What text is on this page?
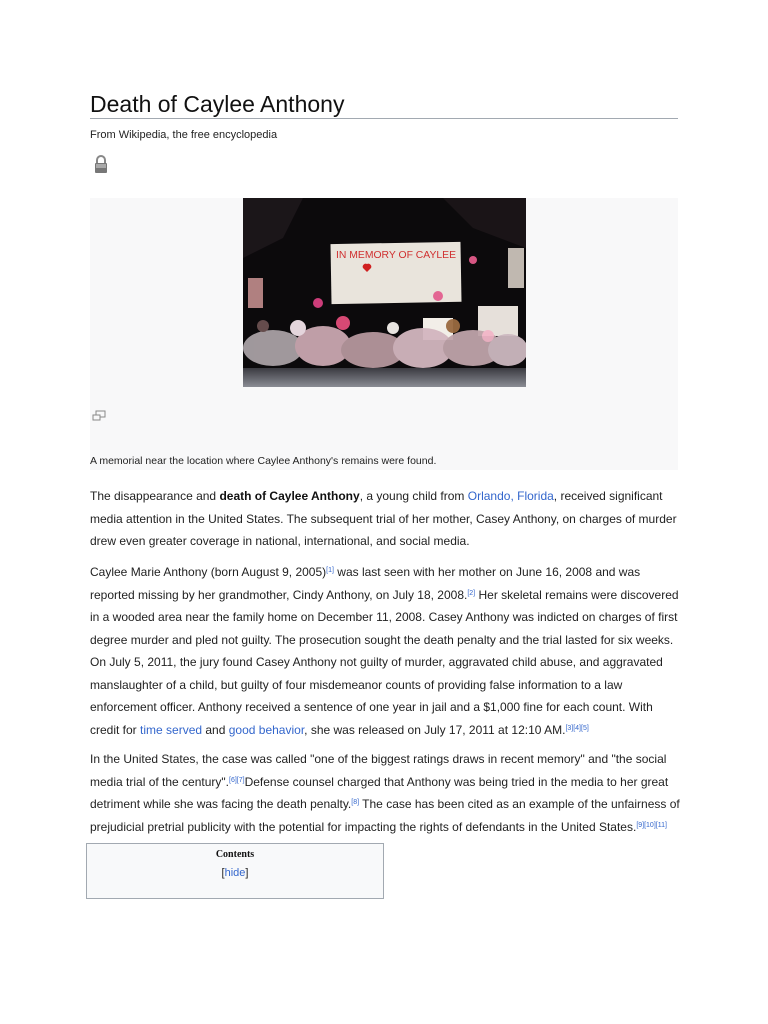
Death of Caylee Anthony
From Wikipedia, the free encyclopedia
IN MEMORY OF CAYLEE
A memorial near the location where Caylee Anthony's remains were found.

The disappearance and death of Caylee Anthony, a young child from Orlando, Florida, received significant media attention in the United States. The subsequent trial of her mother, Casey Anthony, on charges of murder drew even greater coverage in national, international, and social media.

Caylee Marie Anthony (born August 9, 2005)[1] was last seen with her mother on June 16, 2008 and was reported missing by her grandmother, Cindy Anthony, on July 18, 2008.[2] Her skeletal remains were discovered in a wooded area near the family home on December 11, 2008. Casey Anthony was indicted on charges of first degree murder and pled not guilty. The prosecution sought the death penalty and the trial lasted for six weeks. On July 5, 2011, the jury found Casey Anthony not guilty of murder, aggravated child abuse, and aggravated manslaughter of a child, but guilty of four misdemeanor counts of providing false information to a law enforcement officer. Anthony received a sentence of one year in jail and a $1,000 fine for each count. With credit for time served and good behavior, she was released on July 17, 2011 at 12:10 AM.[3][4][5]

In the United States, the case was called "one of the biggest ratings draws in recent memory" and "the social media trial of the century".[6][7]Defense counsel charged that Anthony was being tried in the media to her great detriment while she was facing the death penalty.[8] The case has been cited as an example of the unfairness of prejudicial pretrial publicity with the potential for impacting the rights of defendants in the United States.[9][10][11]

Contents
[hide]
